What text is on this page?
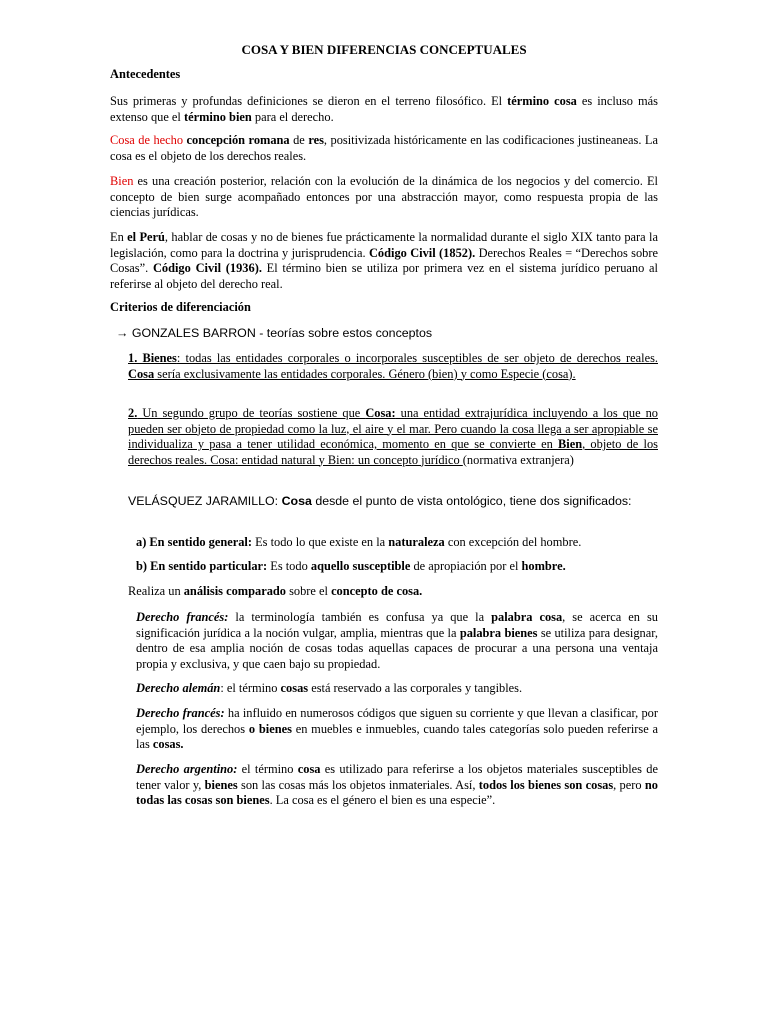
COSA Y BIEN DIFERENCIAS CONCEPTUALES
Antecedentes
Sus primeras y profundas definiciones se dieron en el terreno filosófico. El término cosa es incluso más extenso que el término bien para el derecho.
Cosa de hecho concepción romana de res, positivizada históricamente en las codificaciones justineaneas. La cosa es el objeto de los derechos reales.
Bien es una creación posterior, relación con la evolución de la dinámica de los negocios y del comercio. El concepto de bien surge acompañado entonces por una abstracción mayor, como respuesta propia de las ciencias jurídicas.
En el Perú, hablar de cosas y no de bienes fue prácticamente la normalidad durante el siglo XIX tanto para la legislación, como para la doctrina y jurisprudencia. Código Civil (1852). Derechos Reales = “Derechos sobre Cosas”. Código Civil (1936). El término bien se utiliza por primera vez en el sistema jurídico peruano al referirse al objeto del derecho real.
Criterios de diferenciación
→ GONZALES BARRON - teorías sobre estos conceptos
1. Bienes: todas las entidades corporales o incorporales susceptibles de ser objeto de derechos reales. Cosa sería exclusivamente las entidades corporales. Género (bien) y como Especie (cosa).
2. Un segundo grupo de teorías sostiene que Cosa: una entidad extrajurídica incluyendo a los que no pueden ser objeto de propiedad como la luz, el aire y el mar. Pero cuando la cosa llega a ser apropiable se individualiza y pasa a tener utilidad económica, momento en que se convierte en Bien, objeto de los derechos reales. Cosa: entidad natural y Bien: un concepto jurídico (normativa extranjera)
VELÁSQUEZ JARAMILLO: Cosa desde el punto de vista ontológico, tiene dos significados:
a) En sentido general: Es todo lo que existe en la naturaleza con excepción del hombre.
b) En sentido particular: Es todo aquello susceptible de apropiación por el hombre.
Realiza un análisis comparado sobre el concepto de cosa.
Derecho francés: la terminología también es confusa ya que la palabra cosa, se acerca en su significación jurídica a la noción vulgar, amplia, mientras que la palabra bienes se utiliza para designar, dentro de esa amplia noción de cosas todas aquellas capaces de procurar a una persona una ventaja propia y exclusiva, y que caen bajo su propiedad.
Derecho alemán: el término cosas está reservado a las corporales y tangibles.
Derecho francés: ha influido en numerosos códigos que siguen su corriente y que llevan a clasificar, por ejemplo, los derechos o bienes en muebles e inmuebles, cuando tales categorías solo pueden referirse a las cosas.
Derecho argentino: el término cosa es utilizado para referirse a los objetos materiales susceptibles de tener valor y, bienes son las cosas más los objetos inmateriales. Así, todos los bienes son cosas, pero no todas las cosas son bienes. La cosa es el género el bien es una especie”.
